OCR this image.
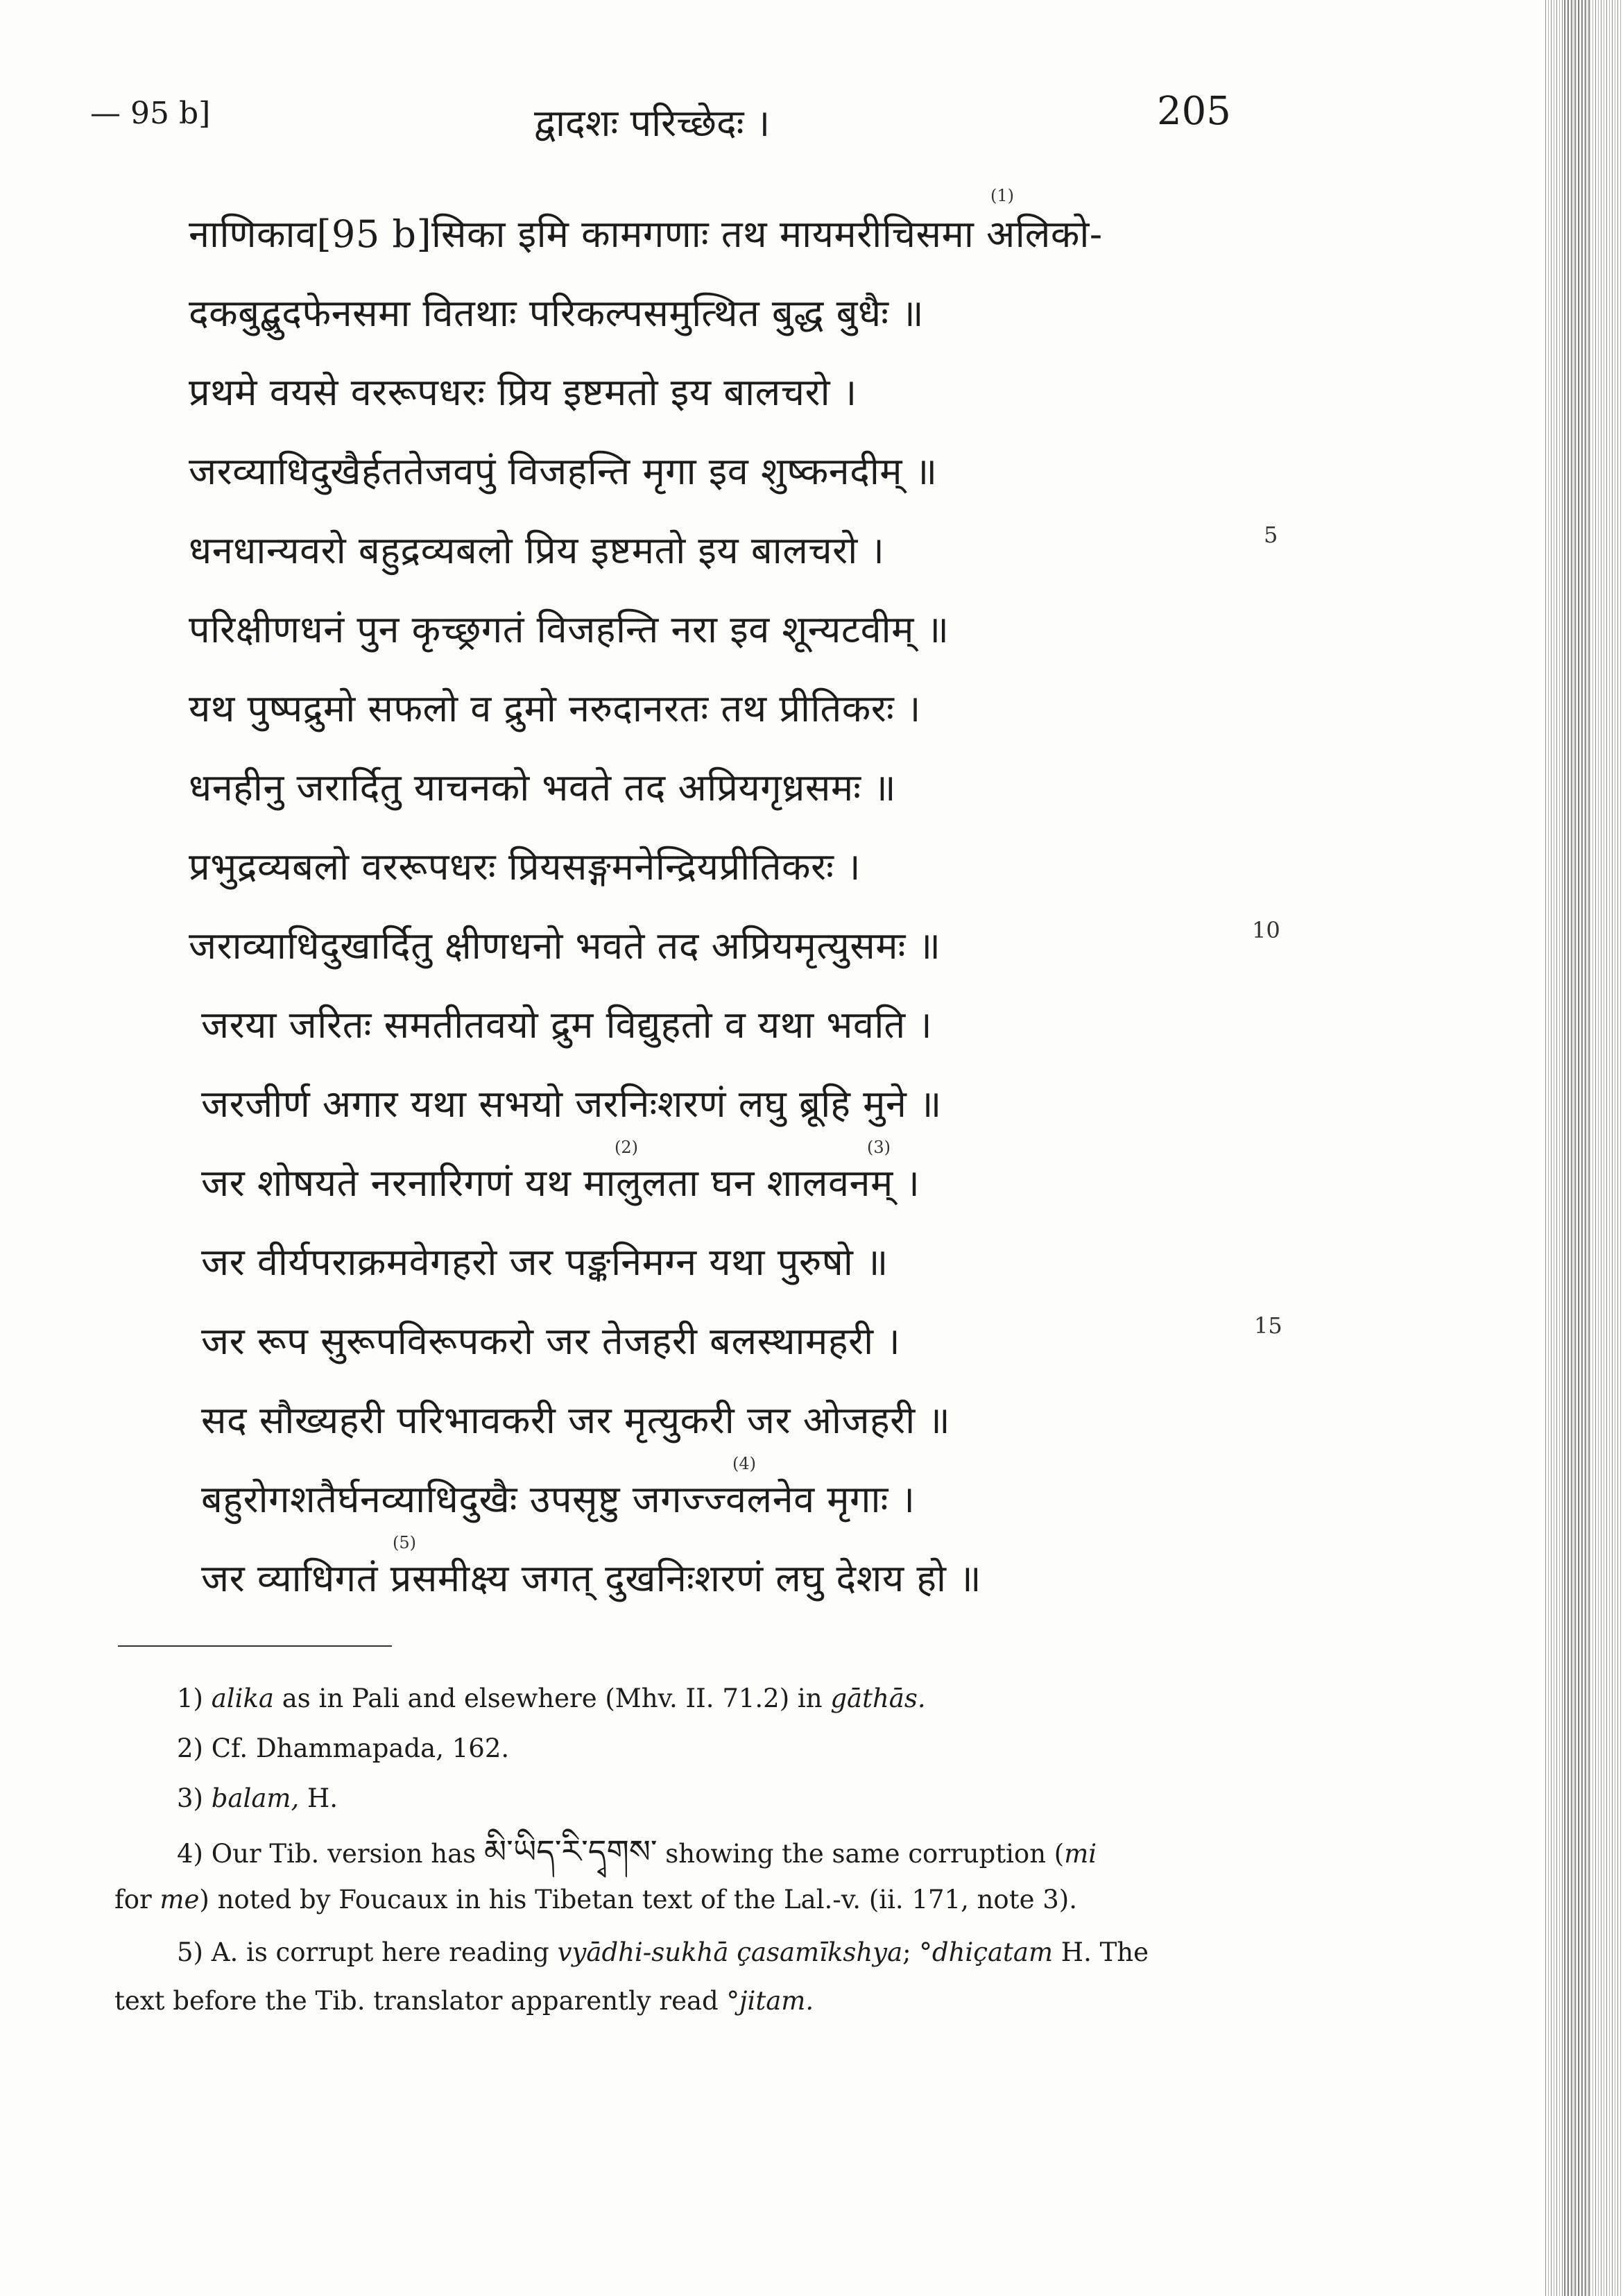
— 95 b]	द्वादशः परिच्छेदः ।	205
नाणिकाव[95 b]सिका इमि कामगणाः तथ मायमरीचिसमा अलिको-
दकबुद्बुदफेनसमा वितथाः परिकल्पसमुत्थित बुद्ध बुधैः ॥
प्रथमे वयसे वररूपधरः प्रिय इष्टमतो इय बालचरो ।
जरव्याधिदुखैर्हततेजवपुं विजहन्ति मृगा इव शुष्कनदीम् ॥
धनधान्यवरो बहुद्रव्यबलो प्रिय इष्टमतो इय बालचरो ।
परिक्षीणधनं पुन कृच्छ्रगतं विजहन्ति नरा इव शून्यटवीम् ॥
यथ पुष्पद्रुमो सफलो व द्रुमो नरुदानरतः तथ प्रीतिकरः ।
धनहीनु जरार्दितु याचनको भवते तद अप्रियगृध्रसमः ॥
प्रभुद्रव्यबलो वररूपधरः प्रियसङ्गमनेन्द्रियप्रीतिकरः ।
जराव्याधिदुखार्दितु क्षीणधनो भवते तद अप्रियमृत्युसमः ॥
जरया जरितः समतीतवयो द्रुम विद्युहतो व यथा भवति ।
जरजीर्ण अगार यथा सभयो जरनिःशरणं लघु ब्रूहि मुने ॥
जर शोषयते नरनारिगणं यथ मालुलता घन शालवनम् ।
जर वीर्यपराक्रमवेगहरो जर पङ्कनिमग्न यथा पुरुषो ॥
जर रूप सुरूपविरूपकरो जर तेजहरी बलस्थामहरी ।
सद सौख्यहरी परिभावकरी जर मृत्युकरी जर ओजहरी ॥
बहुरोगशतैर्घनव्याधिदुखैः उपसृष्टु जगज्ज्वलनेव मृगाः ।
जर व्याधिगतं प्रसमीक्ष्य जगत् दुखनिःशरणं लघु देशय हो ॥
(1)
(2)	(3)
(4)
(5)
5
10
15
1) alika as in Pali and elsewhere (Mhv. II. 71.2) in gāthās.
2) Cf. Dhammapada, 162.
3) balam, H.
4) Our Tib. version has མི་ཡིད་རི་དྭགས་ showing the same corruption (mi
for me) noted by Foucaux in his Tibetan text of the Lal.-v. (ii. 171, note 3).
5) A. is corrupt here reading vyādhi-sukhā çasamīkshya; °dhiçatam H. The
text before the Tib. translator apparently read °jitam.
